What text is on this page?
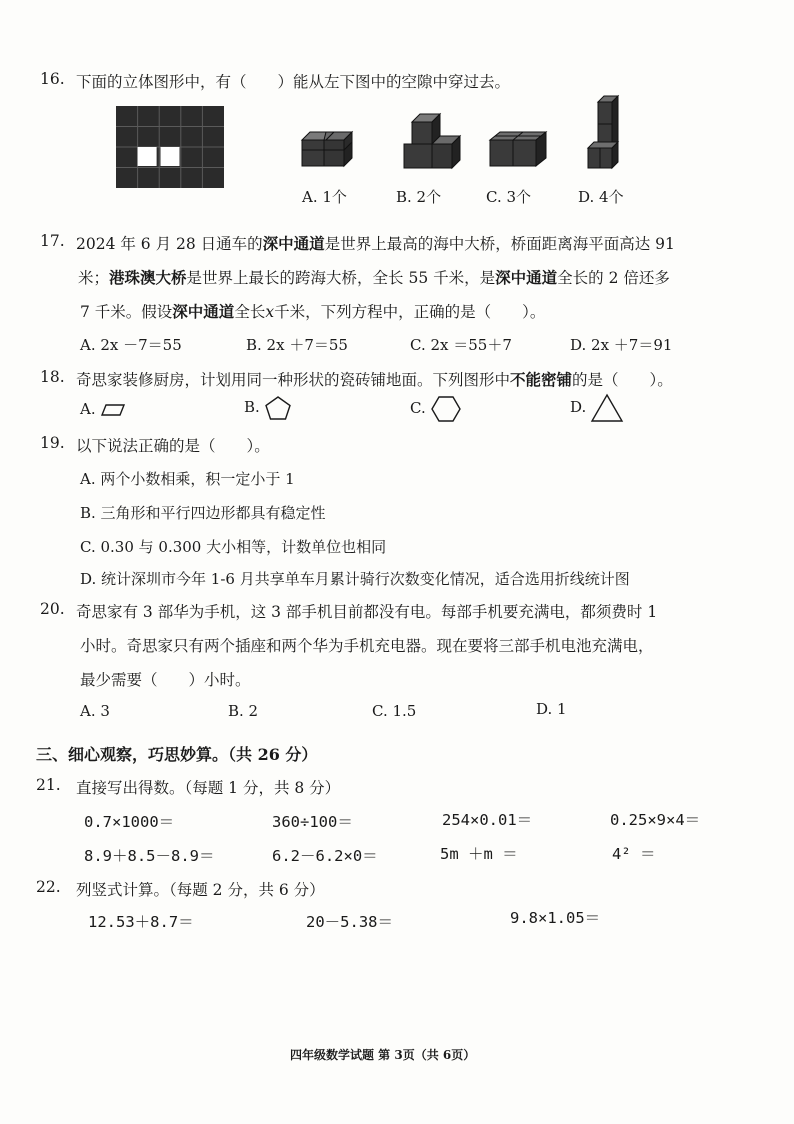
16. 下面的立体图形中，有（　　）能从左下图中的空隙中穿过去。
A. 1个	B. 2个	C. 3个	D. 4个
17. 2024 年 6 月 28 日通车的深中通道是世界上最高的海中大桥，桥面距离海平面高达 91
米；港珠澳大桥是世界上最长的跨海大桥，全长 55 千米，是深中通道全长的 2 倍还多
7 千米。假设深中通道全长x千米，下列方程中，正确的是（　　）。
A. 2x －7＝55	B. 2x ＋7＝55	C. 2x ＝55＋7	D. 2x ＋7＝91
18. 奇思家装修厨房，计划用同一种形状的瓷砖铺地面。下列图形中不能密铺的是（　　）。
A.	B.	C.	D.
19. 以下说法正确的是（　　）。
A. 两个小数相乘，积一定小于 1
B. 三角形和平行四边形都具有稳定性
C. 0.30 与 0.300 大小相等，计数单位也相同
D. 统计深圳市今年 1-6 月共享单车月累计骑行次数变化情况，适合选用折线统计图
20. 奇思家有 3 部华为手机，这 3 部手机目前都没有电。每部手机要充满电，都须费时 1
小时。奇思家只有两个插座和两个华为手机充电器。现在要将三部手机电池充满电，
最少需要（　　）小时。
A. 3	B. 2	C. 1.5	D. 1
三、细心观察，巧思妙算。（共 26 分）
21. 直接写出得数。（每题 1 分，共 8 分）
0.7×1000＝	360÷100＝	254×0.01＝	0.25×9×4＝
8.9＋8.5－8.9＝	6.2－6.2×0＝	5m ＋m ＝	4² ＝
22. 列竖式计算。（每题 2 分，共 6 分）
12.53＋8.7＝	20－5.38＝	9.8×1.05＝
四年级数学试题 第 3页（共 6页）
